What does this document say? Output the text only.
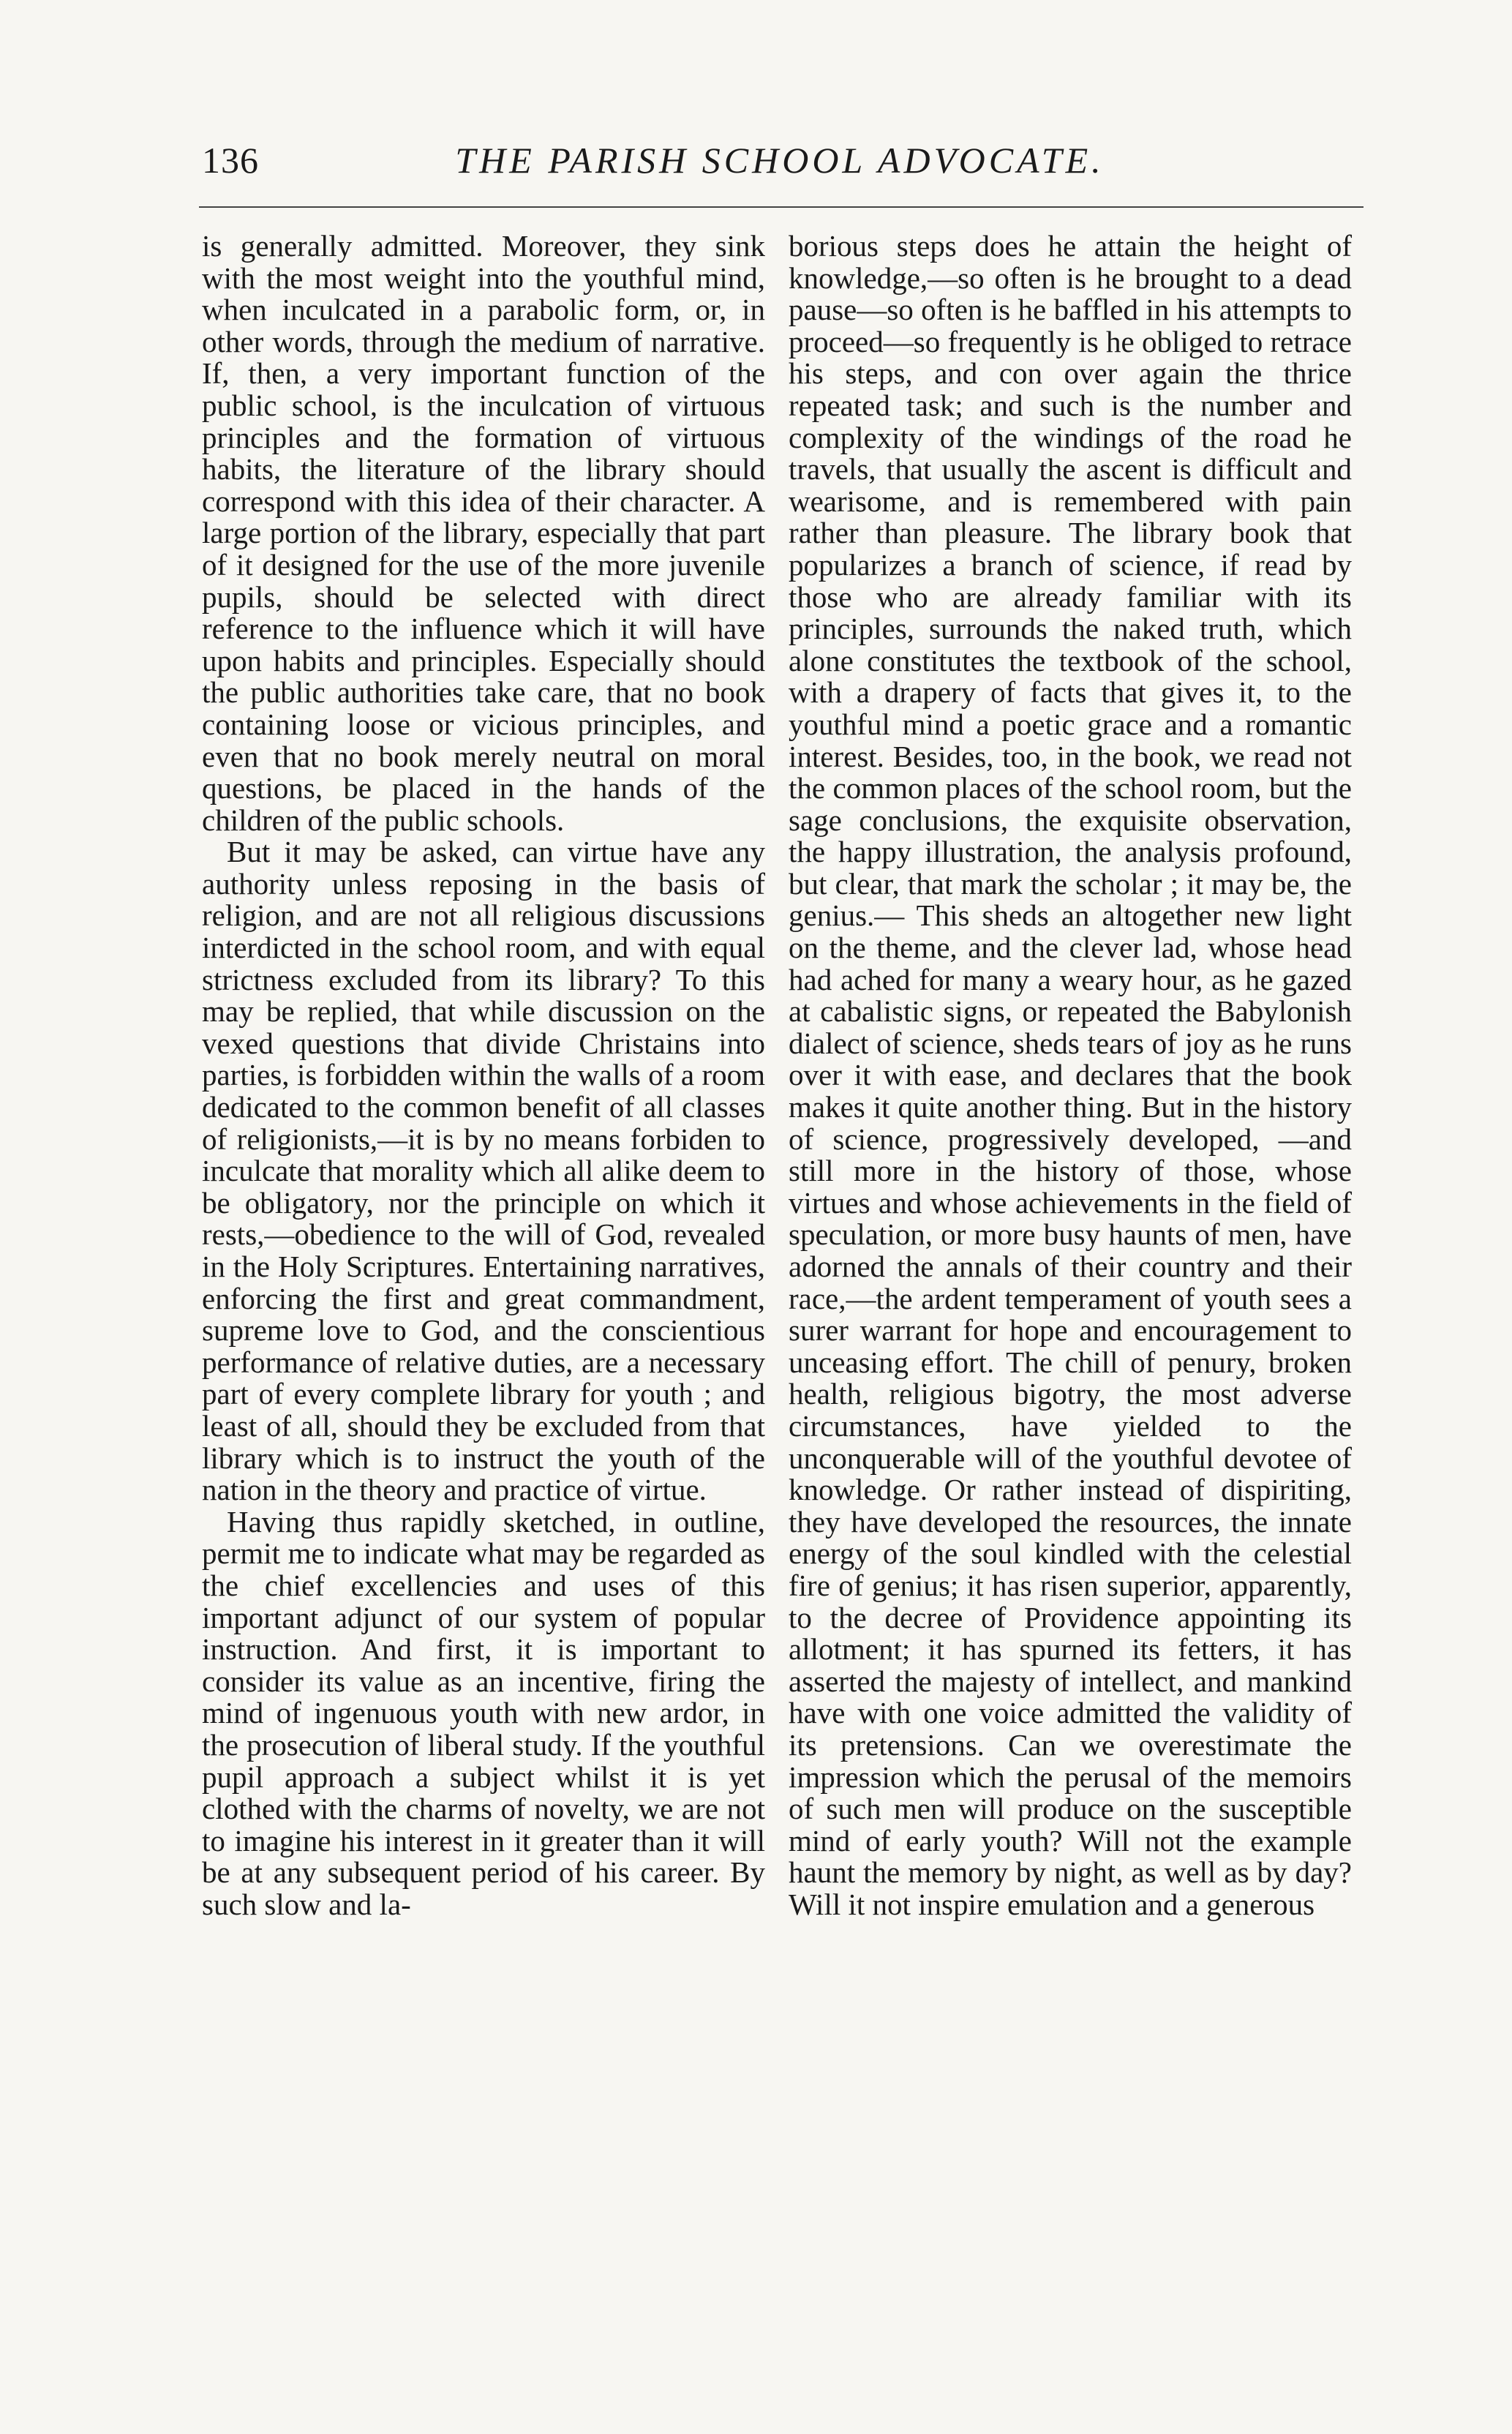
136	THE PARISH SCHOOL ADVOCATE.

is generally admitted. Moreover, they sink with the most weight into the youthful mind, when inculcated in a parabolic form, or, in other words, through the medium of narrative. If, then, a very important function of the public school, is the inculcation of virtuous principles and the formation of virtuous habits, the literature of the library should correspond with this idea of their character. A large portion of the library, especially that part of it designed for the use of the more juvenile pupils, should be selected with direct reference to the influence which it will have upon habits and principles. Especially should the public authorities take care, that no book containing loose or vicious principles, and even that no book merely neutral on moral questions, be placed in the hands of the children of the public schools.

But it may be asked, can virtue have any authority unless reposing in the basis of religion, and are not all religious discussions interdicted in the school room, and with equal strictness excluded from its library? To this may be replied, that while discussion on the vexed questions that divide Christains into parties, is forbidden within the walls of a room dedicated to the common benefit of all classes of religionists,—it is by no means forbiden to inculcate that morality which all alike deem to be obligatory, nor the principle on which it rests,—obedience to the will of God, revealed in the Holy Scriptures. Entertaining narratives, enforcing the first and great commandment, supreme love to God, and the conscientious performance of relative duties, are a necessary part of every complete library for youth ; and least of all, should they be excluded from that library which is to instruct the youth of the nation in the theory and practice of virtue.

Having thus rapidly sketched, in outline, permit me to indicate what may be regarded as the chief excellencies and uses of this important adjunct of our system of popular instruction. And first, it is important to consider its value as an incentive, firing the mind of ingenuous youth with new ardor, in the prosecution of liberal study. If the youthful pupil approach a subject whilst it is yet clothed with the charms of novelty, we are not to imagine his interest in it greater than it will be at any subsequent period of his career. By such slow and la-

borious steps does he attain the height of knowledge,—so often is he brought to a dead pause—so often is he baffled in his attempts to proceed—so frequently is he obliged to retrace his steps, and con over again the thrice repeated task; and such is the number and complexity of the windings of the road he travels, that usually the ascent is difficult and wearisome, and is remembered with pain rather than pleasure. The library book that popularizes a branch of science, if read by those who are already familiar with its principles, surrounds the naked truth, which alone constitutes the textbook of the school, with a drapery of facts that gives it, to the youthful mind a poetic grace and a romantic interest. Besides, too, in the book, we read not the common places of the school room, but the sage conclusions, the exquisite observation, the happy illustration, the analysis profound, but clear, that mark the scholar ; it may be, the genius.— This sheds an altogether new light on the theme, and the clever lad, whose head had ached for many a weary hour, as he gazed at cabalistic signs, or repeated the Babylonish dialect of science, sheds tears of joy as he runs over it with ease, and declares that the book makes it quite another thing. But in the history of science, progressively developed, —and still more in the history of those, whose virtues and whose achievements in the field of speculation, or more busy haunts of men, have adorned the annals of their country and their race,—the ardent temperament of youth sees a surer warrant for hope and encouragement to unceasing effort. The chill of penury, broken health, religious bigotry, the most adverse circumstances, have yielded to the unconquerable will of the youthful devotee of knowledge. Or rather instead of dispiriting, they have developed the resources, the innate energy of the soul kindled with the celestial fire of genius; it has risen superior, apparently, to the decree of Providence appointing its allotment; it has spurned its fetters, it has asserted the majesty of intellect, and mankind have with one voice admitted the validity of its pretensions. Can we overestimate the impression which the perusal of the memoirs of such men will produce on the susceptible mind of early youth? Will not the example haunt the memory by night, as well as by day? Will it not inspire emulation and a generous
